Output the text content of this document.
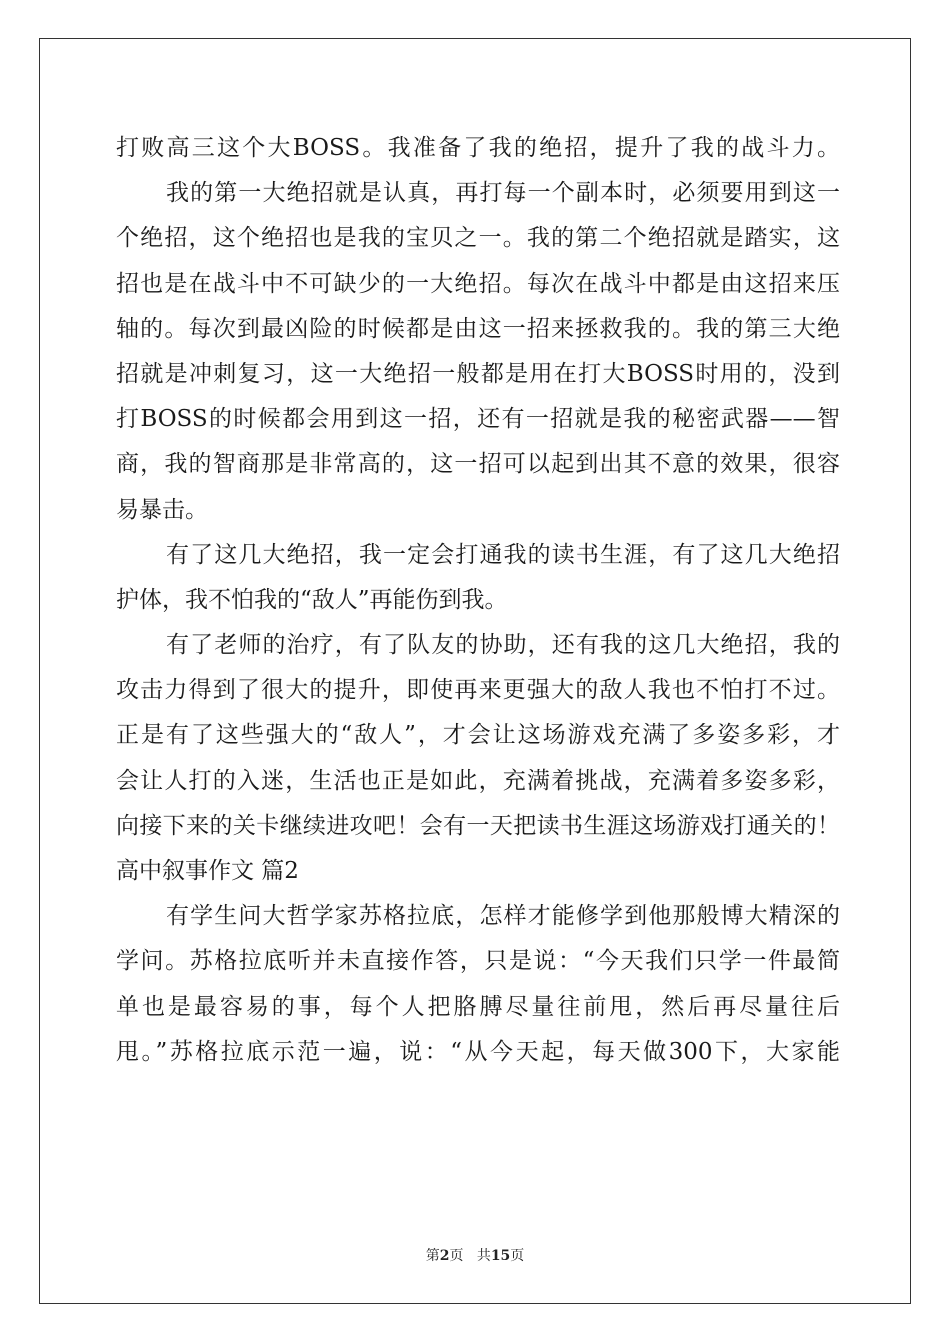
打败高三这个大BOSS。我准备了我的绝招，提升了我的战斗力。
我的第一大绝招就是认真，再打每一个副本时，必须要用到这一
个绝招，这个绝招也是我的宝贝之一。我的第二个绝招就是踏实，这
招也是在战斗中不可缺少的一大绝招。每次在战斗中都是由这招来压
轴的。每次到最凶险的时候都是由这一招来拯救我的。我的第三大绝
招就是冲刺复习，这一大绝招一般都是用在打大BOSS时用的，没到
打BOSS的时候都会用到这一招，还有一招就是我的秘密武器——智
商，我的智商那是非常高的，这一招可以起到出其不意的效果，很容
易暴击。
有了这几大绝招，我一定会打通我的读书生涯，有了这几大绝招
护体，我不怕我的“敌人”再能伤到我。
有了老师的治疗，有了队友的协助，还有我的这几大绝招，我的
攻击力得到了很大的提升，即使再来更强大的敌人我也不怕打不过。
正是有了这些强大的“敌人”，才会让这场游戏充满了多姿多彩，才
会让人打的入迷，生活也正是如此，充满着挑战，充满着多姿多彩，
向接下来的关卡继续进攻吧！会有一天把读书生涯这场游戏打通关的！
高中叙事作文 篇2
有学生问大哲学家苏格拉底，怎样才能修学到他那般博大精深的
学问。苏格拉底听并未直接作答，只是说：“今天我们只学一件最简
单也是最容易的事，每个人把胳膊尽量往前甩，然后再尽量往后
甩。”苏格拉底示范一遍，说：“从今天起，每天做300下，大家能
第2页 共15页
